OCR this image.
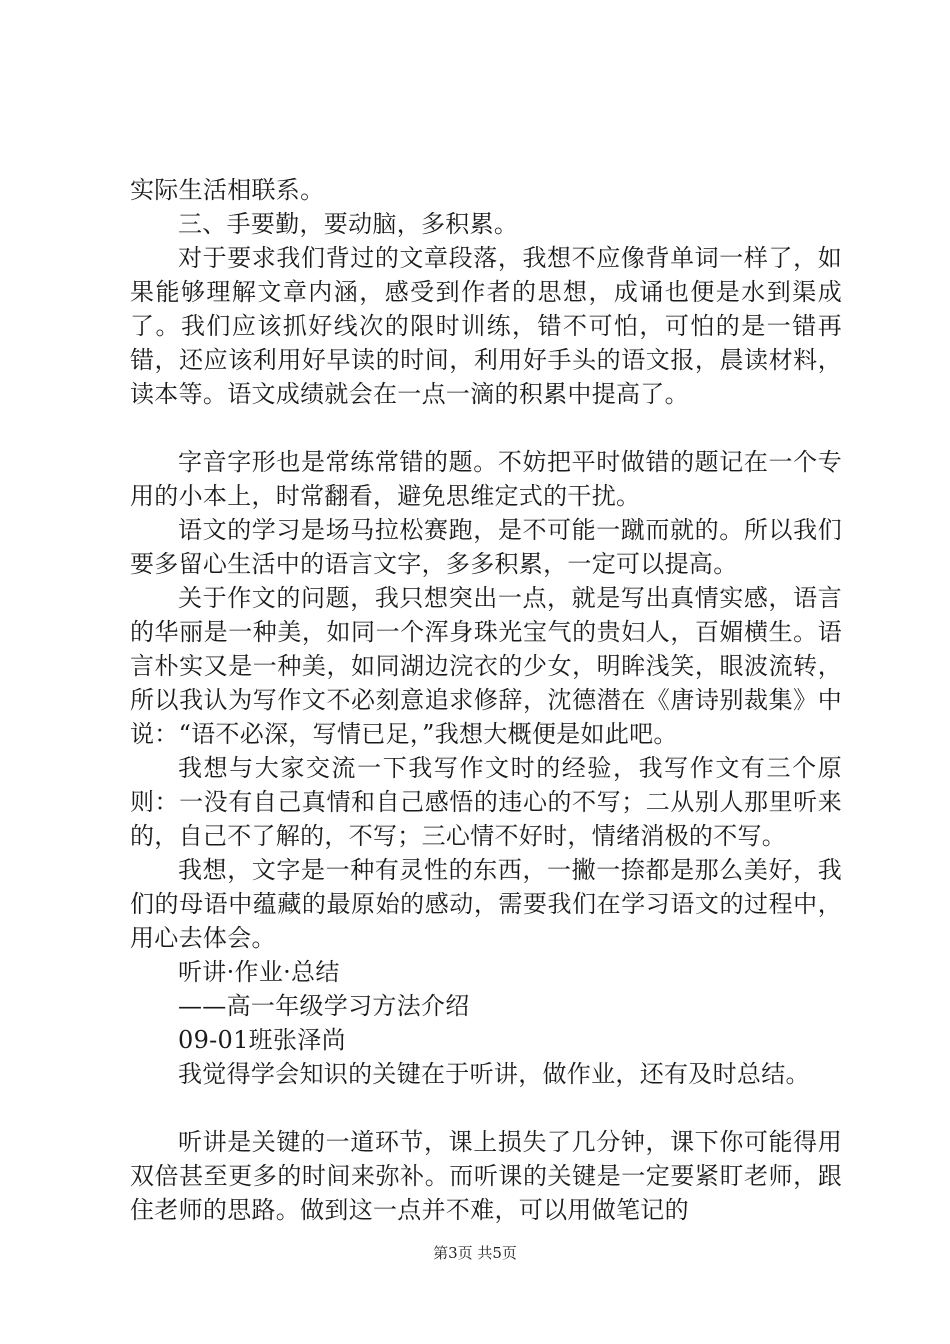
实际生活相联系。

三、手要勤，要动脑，多积累。

对于要求我们背过的文章段落，我想不应像背单词一样了，如果能够理解文章内涵，感受到作者的思想，成诵也便是水到渠成了。我们应该抓好线次的限时训练，错不可怕，可怕的是一错再错，还应该利用好早读的时间，利用好手头的语文报，晨读材料，读本等。语文成绩就会在一点一滴的积累中提高了。

字音字形也是常练常错的题。不妨把平时做错的题记在一个专用的小本上，时常翻看，避免思维定式的干扰。

语文的学习是场马拉松赛跑，是不可能一蹴而就的。所以我们要多留心生活中的语言文字，多多积累，一定可以提高。

关于作文的问题，我只想突出一点，就是写出真情实感，语言的华丽是一种美，如同一个浑身珠光宝气的贵妇人，百媚横生。语言朴实又是一种美，如同湖边浣衣的少女，明眸浅笑，眼波流转，所以我认为写作文不必刻意追求修辞，沈德潜在《唐诗别裁集》中说：“语不必深，写情已足，”我想大概便是如此吧。

我想与大家交流一下我写作文时的经验，我写作文有三个原则：一没有自己真情和自己感悟的违心的不写；二从别人那里听来的，自己不了解的，不写；三心情不好时，情绪消极的不写。

我想，文字是一种有灵性的东西，一撇一捺都是那么美好，我们的母语中蕴藏的最原始的感动，需要我们在学习语文的过程中，用心去体会。

听讲·作业·总结

——高一年级学习方法介绍

09-01班张泽尚

我觉得学会知识的关键在于听讲，做作业，还有及时总结。

听讲是关键的一道环节，课上损失了几分钟，课下你可能得用双倍甚至更多的时间来弥补。而听课的关键是一定要紧盯老师，跟住老师的思路。做到这一点并不难，可以用做笔记的

第3页 共5页
